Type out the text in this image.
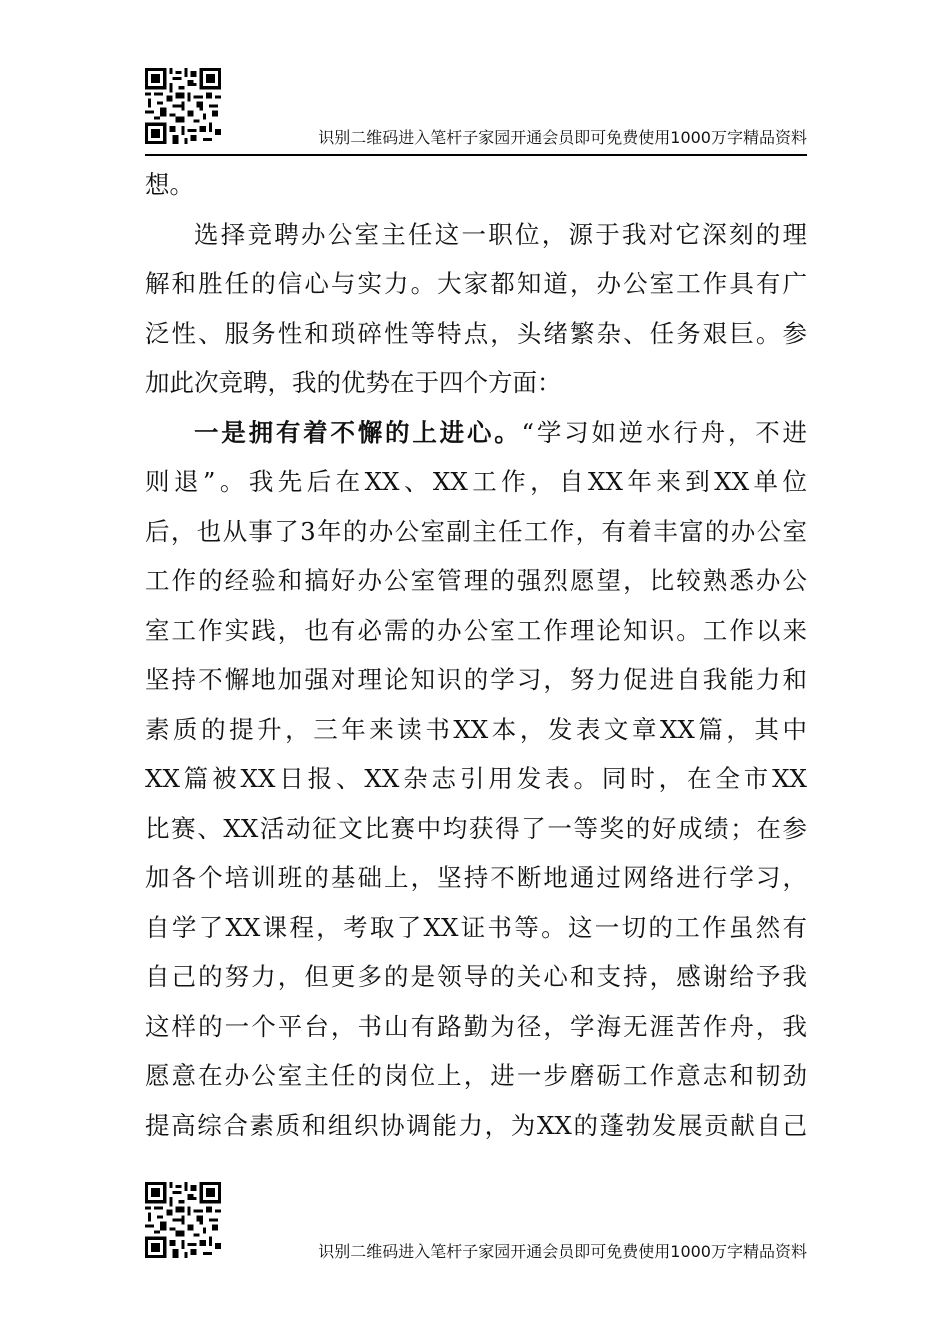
识别二维码进入笔杆子家园开通会员即可免费使用1000万字精品资料
想。
选择竞聘办公室主任这一职位，源于我对它深刻的理
解和胜任的信心与实力。大家都知道，办公室工作具有广
泛性、服务性和琐碎性等特点，头绪繁杂、任务艰巨。参
加此次竞聘，我的优势在于四个方面：
一是拥有着不懈的上进心。“学习如逆水行舟，不进
则退”。我先后在XX、XX工作，自XX年来到XX单位
后，也从事了3年的办公室副主任工作，有着丰富的办公室
工作的经验和搞好办公室管理的强烈愿望，比较熟悉办公
室工作实践，也有必需的办公室工作理论知识。工作以来
坚持不懈地加强对理论知识的学习，努力促进自我能力和
素质的提升，三年来读书XX本，发表文章XX篇，其中
XX篇被XX日报、XX杂志引用发表。同时，在全市XX
比赛、XX活动征文比赛中均获得了一等奖的好成绩；在参
加各个培训班的基础上，坚持不断地通过网络进行学习，
自学了XX课程，考取了XX证书等。这一切的工作虽然有
自己的努力，但更多的是领导的关心和支持，感谢给予我
这样的一个平台，书山有路勤为径，学海无涯苦作舟，我
愿意在办公室主任的岗位上，进一步磨砺工作意志和韧劲
提高综合素质和组织协调能力，为XX的蓬勃发展贡献自己
识别二维码进入笔杆子家园开通会员即可免费使用1000万字精品资料
